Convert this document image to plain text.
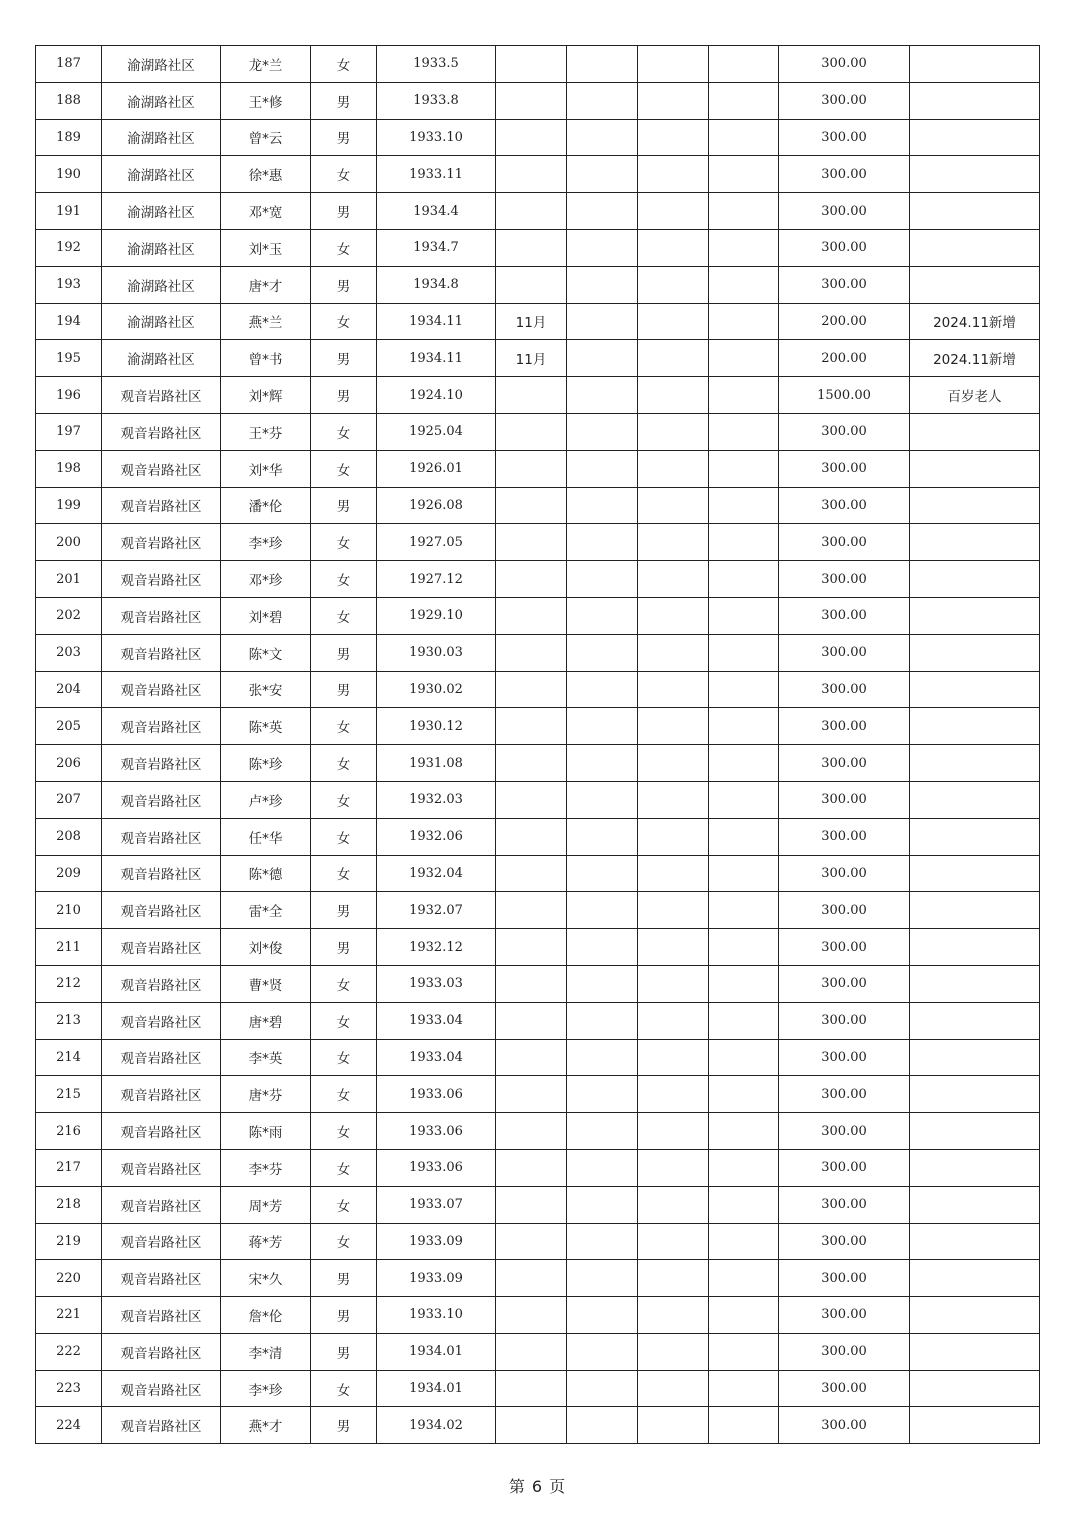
187	渝湖路社区	龙*兰	女	1933.5					300.00	
188	渝湖路社区	王*修	男	1933.8					300.00	
189	渝湖路社区	曾*云	男	1933.10					300.00	
190	渝湖路社区	徐*惠	女	1933.11					300.00	
191	渝湖路社区	邓*宽	男	1934.4					300.00	
192	渝湖路社区	刘*玉	女	1934.7					300.00	
193	渝湖路社区	唐*才	男	1934.8					300.00	
194	渝湖路社区	燕*兰	女	1934.11	11月				200.00	2024.11新增
195	渝湖路社区	曾*书	男	1934.11	11月				200.00	2024.11新增
196	观音岩路社区	刘*辉	男	1924.10					1500.00	百岁老人
197	观音岩路社区	王*芬	女	1925.04					300.00	
198	观音岩路社区	刘*华	女	1926.01					300.00	
199	观音岩路社区	潘*伦	男	1926.08					300.00	
200	观音岩路社区	李*珍	女	1927.05					300.00	
201	观音岩路社区	邓*珍	女	1927.12					300.00	
202	观音岩路社区	刘*碧	女	1929.10					300.00	
203	观音岩路社区	陈*文	男	1930.03					300.00	
204	观音岩路社区	张*安	男	1930.02					300.00	
205	观音岩路社区	陈*英	女	1930.12					300.00	
206	观音岩路社区	陈*珍	女	1931.08					300.00	
207	观音岩路社区	卢*珍	女	1932.03					300.00	
208	观音岩路社区	任*华	女	1932.06					300.00	
209	观音岩路社区	陈*德	女	1932.04					300.00	
210	观音岩路社区	雷*全	男	1932.07					300.00	
211	观音岩路社区	刘*俊	男	1932.12					300.00	
212	观音岩路社区	曹*贤	女	1933.03					300.00	
213	观音岩路社区	唐*碧	女	1933.04					300.00	
214	观音岩路社区	李*英	女	1933.04					300.00	
215	观音岩路社区	唐*芬	女	1933.06					300.00	
216	观音岩路社区	陈*雨	女	1933.06					300.00	
217	观音岩路社区	李*芬	女	1933.06					300.00	
218	观音岩路社区	周*芳	女	1933.07					300.00	
219	观音岩路社区	蒋*芳	女	1933.09					300.00	
220	观音岩路社区	宋*久	男	1933.09					300.00	
221	观音岩路社区	詹*伦	男	1933.10					300.00	
222	观音岩路社区	李*清	男	1934.01					300.00	
223	观音岩路社区	李*珍	女	1934.01					300.00	
224	观音岩路社区	燕*才	男	1934.02					300.00	
第 6 页
